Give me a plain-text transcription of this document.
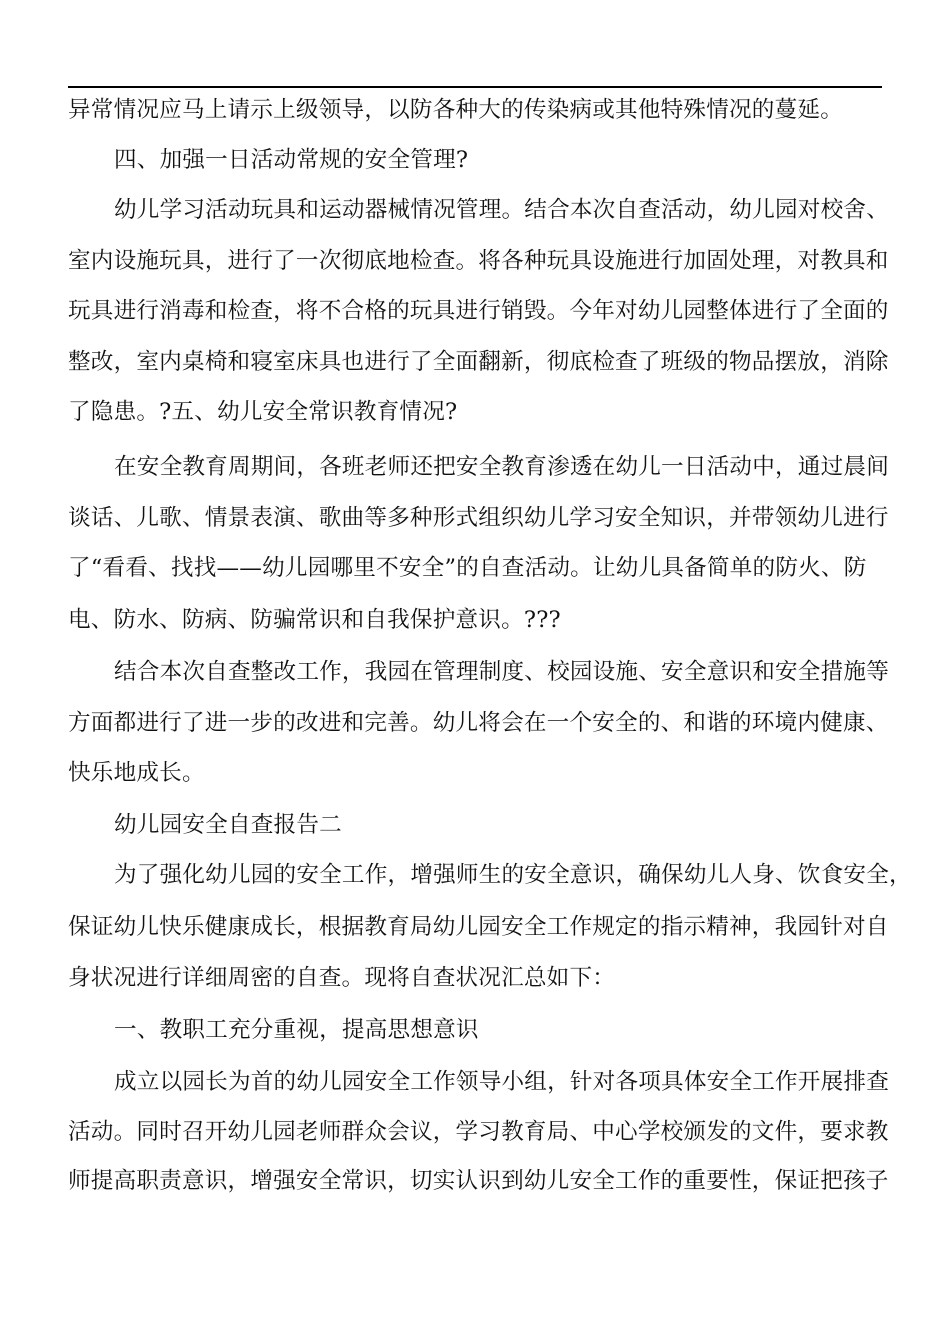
异常情况应马上请示上级领导，以防各种大的传染病或其他特殊情况的蔓延。
四、加强一日活动常规的安全管理?
幼儿学习活动玩具和运动器械情况管理。结合本次自查活动，幼儿园对校舍、
室内设施玩具，进行了一次彻底地检查。将各种玩具设施进行加固处理，对教具和
玩具进行消毒和检查，将不合格的玩具进行销毁。今年对幼儿园整体进行了全面的
整改，室内桌椅和寝室床具也进行了全面翻新，彻底检查了班级的物品摆放，消除
了隐患。?五、幼儿安全常识教育情况?
在安全教育周期间，各班老师还把安全教育渗透在幼儿一日活动中，通过晨间
谈话、儿歌、情景表演、歌曲等多种形式组织幼儿学习安全知识，并带领幼儿进行
了“看看、找找——幼儿园哪里不安全”的自查活动。让幼儿具备简单的防火、防
电、防水、防病、防骗常识和自我保护意识。???
结合本次自查整改工作，我园在管理制度、校园设施、安全意识和安全措施等
方面都进行了进一步的改进和完善。幼儿将会在一个安全的、和谐的环境内健康、
快乐地成长。
幼儿园安全自查报告二
为了强化幼儿园的安全工作，增强师生的安全意识，确保幼儿人身、饮食安全，
保证幼儿快乐健康成长，根据教育局幼儿园安全工作规定的指示精神，我园针对自
身状况进行详细周密的自查。现将自查状况汇总如下：
一、教职工充分重视，提高思想意识
成立以园长为首的幼儿园安全工作领导小组，针对各项具体安全工作开展排查
活动。同时召开幼儿园老师群众会议，学习教育局、中心学校颁发的文件，要求教
师提高职责意识，增强安全常识，切实认识到幼儿安全工作的重要性，保证把孩子
